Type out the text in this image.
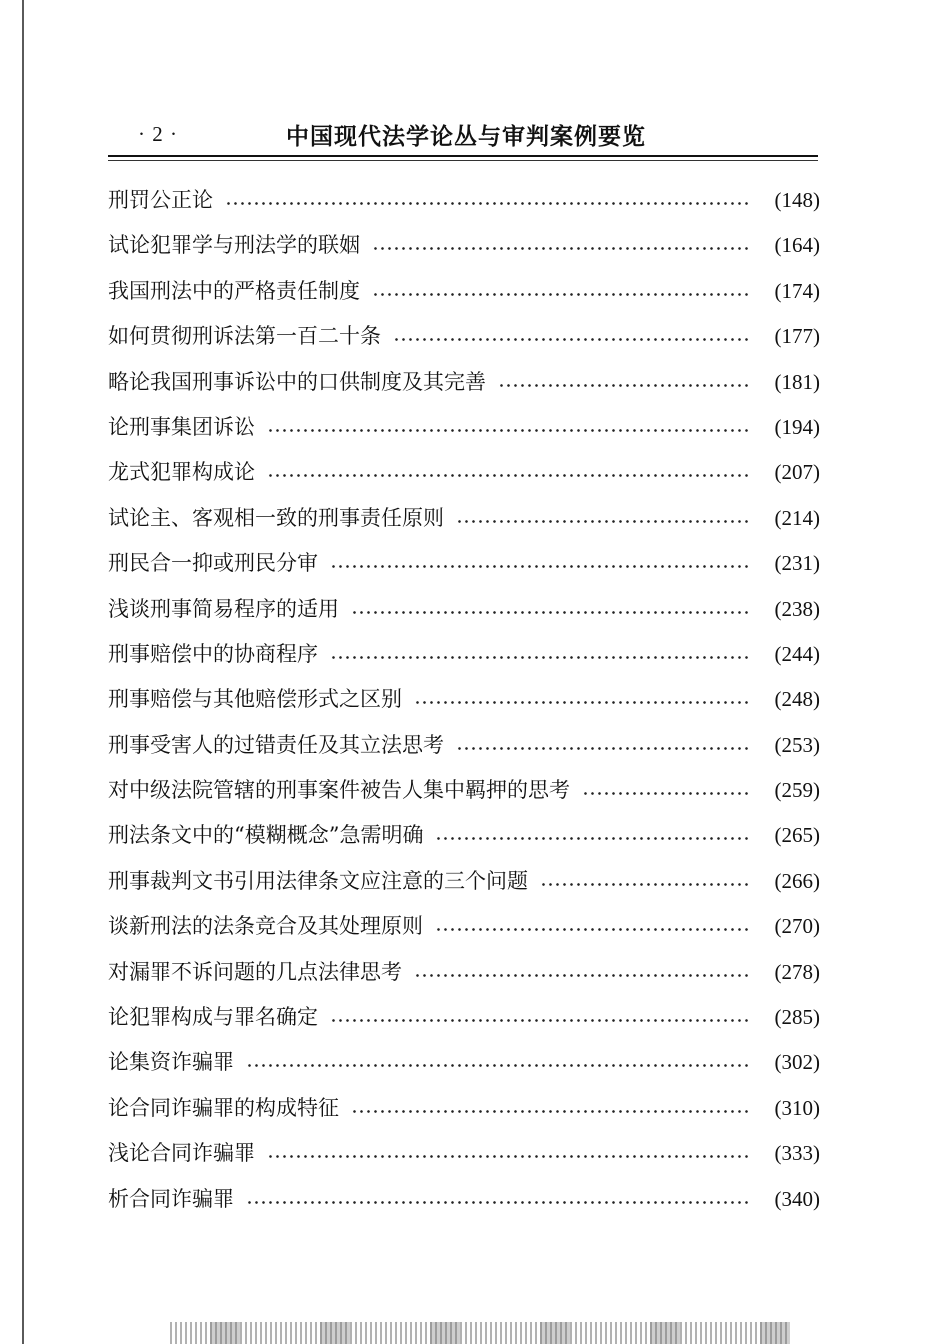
· 2 ·	中国现代法学论丛与审判案例要览
刑罚公正论	(148)
试论犯罪学与刑法学的联姻	(164)
我国刑法中的严格责任制度	(174)
如何贯彻刑诉法第一百二十条	(177)
略论我国刑事诉讼中的口供制度及其完善	(181)
论刑事集团诉讼	(194)
龙式犯罪构成论	(207)
试论主、客观相一致的刑事责任原则	(214)
刑民合一抑或刑民分审	(231)
浅谈刑事简易程序的适用	(238)
刑事赔偿中的协商程序	(244)
刑事赔偿与其他赔偿形式之区别	(248)
刑事受害人的过错责任及其立法思考	(253)
对中级法院管辖的刑事案件被告人集中羁押的思考	(259)
刑法条文中的“模糊概念”急需明确	(265)
刑事裁判文书引用法律条文应注意的三个问题	(266)
谈新刑法的法条竞合及其处理原则	(270)
对漏罪不诉问题的几点法律思考	(278)
论犯罪构成与罪名确定	(285)
论集资诈骗罪	(302)
论合同诈骗罪的构成特征	(310)
浅论合同诈骗罪	(333)
析合同诈骗罪	(340)
